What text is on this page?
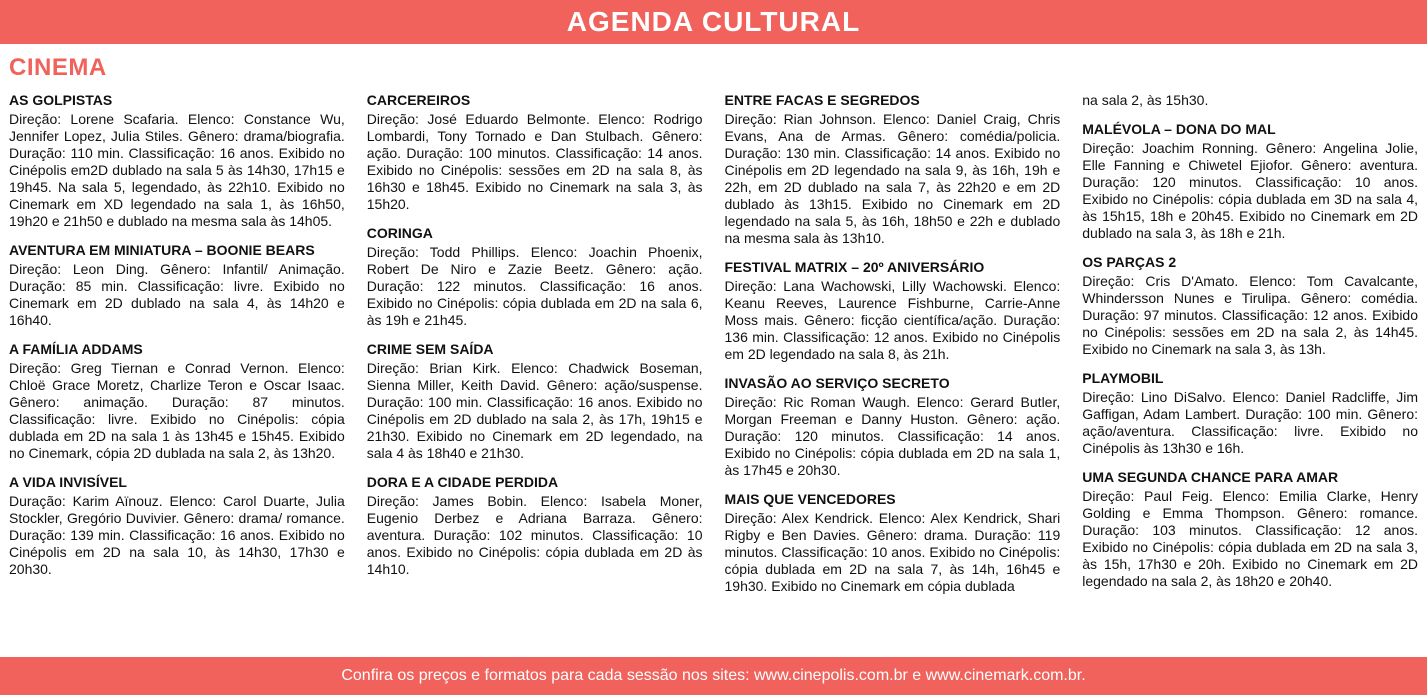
AGENDA CULTURAL
CINEMA
AS GOLPISTAS

Direção: Lorene Scafaria. Elenco: Constance Wu, Jennifer Lopez, Julia Stiles. Gênero: drama/biografia. Duração: 110 min. Classificação: 16 anos. Exibido no Cinépolis em2D dublado na sala 5 às 14h30, 17h15 e 19h45. Na sala 5, legendado, às 22h10. Exibido no Cinemark em XD legendado na sala 1, às 16h50, 19h20 e 21h50 e dublado na mesma sala às 14h05.

AVENTURA EM MINIATURA – BOONIE BEARS

Direção: Leon Ding. Gênero: Infantil/ Animação. Duração: 85 min. Classificação: livre. Exibido no Cinemark em 2D dublado na sala 4, às 14h20 e 16h40.

A FAMÍLIA ADDAMS

Direção: Greg Tiernan e Conrad Vernon. Elenco: Chloë Grace Moretz, Charlize Teron e Oscar Isaac. Gênero: animação. Duração: 87 minutos. Classificação: livre. Exibido no Cinépolis: cópia dublada em 2D na sala 1 às 13h45 e 15h45. Exibido no Cinemark, cópia 2D dublada na sala 2, às 13h20.

A VIDA INVISÍVEL

Duração: Karim Aïnouz. Elenco: Carol Duarte, Julia Stockler, Gregório Duvivier. Gênero: drama/ romance. Duração: 139 min. Classificação: 16 anos. Exibido no Cinépolis em 2D na sala 10, às 14h30, 17h30 e 20h30.

CARCEREIROS

Direção: José Eduardo Belmonte. Elenco: Rodrigo Lombardi, Tony Tornado e Dan Stulbach. Gênero: ação. Duração: 100 minutos. Classificação: 14 anos. Exibido no Cinépolis: sessões em 2D na sala 8, às 16h30 e 18h45. Exibido no Cinemark na sala 3, às 15h20.

CORINGA

Direção: Todd Phillips. Elenco: Joachin Phoenix, Robert De Niro e Zazie Beetz. Gênero: ação. Duração: 122 minutos. Classificação: 16 anos. Exibido no Cinépolis: cópia dublada em 2D na sala 6, às 19h e 21h45.

CRIME SEM SAÍDA

Direção: Brian Kirk. Elenco: Chadwick Boseman, Sienna Miller, Keith David. Gênero: ação/suspense. Duração: 100 min. Classificação: 16 anos. Exibido no Cinépolis em 2D dublado na sala 2, às 17h, 19h15 e 21h30. Exibido no Cinemark em 2D legendado, na sala 4 às 18h40 e 21h30.

DORA E A CIDADE PERDIDA

Direção: James Bobin. Elenco: Isabela Moner, Eugenio Derbez e Adriana Barraza. Gênero: aventura. Duração: 102 minutos. Classificação: 10 anos. Exibido no Cinépolis: cópia dublada em 2D às 14h10.

ENTRE FACAS E SEGREDOS

Direção: Rian Johnson. Elenco: Daniel Craig, Chris Evans, Ana de Armas. Gênero: comédia/policia. Duração: 130 min. Classificação: 14 anos. Exibido no Cinépolis em 2D legendado na sala 9, às 16h, 19h e 22h, em 2D dublado na sala 7, às 22h20 e em 2D dublado às 13h15. Exibido no Cinemark em 2D legendado na sala 5, às 16h, 18h50 e 22h e dublado na mesma sala às 13h10.

FESTIVAL MATRIX – 20º ANIVERSÁRIO

Direção: Lana Wachowski, Lilly Wachowski. Elenco: Keanu Reeves, Laurence Fishburne, Carrie-Anne Moss mais. Gênero: ficção científica/ação. Duração: 136 min. Classificação: 12 anos. Exibido no Cinépolis em 2D legendado na sala 8, às 21h.

INVASÃO AO SERVIÇO SECRETO

Direção: Ric Roman Waugh. Elenco: Gerard Butler, Morgan Freeman e Danny Huston. Gênero: ação. Duração: 120 minutos. Classificação: 14 anos. Exibido no Cinépolis: cópia dublada em 2D na sala 1, às 17h45 e 20h30.

MAIS QUE VENCEDORES

Direção: Alex Kendrick. Elenco: Alex Kendrick, Shari Rigby e Ben Davies. Gênero: drama. Duração: 119 minutos. Classificação: 10 anos. Exibido no Cinépolis: cópia dublada em 2D na sala 7, às 14h, 16h45 e 19h30. Exibido no Cinemark em cópia dublada

na sala 2, às 15h30.

MALÉVOLA – DONA DO MAL

Direção: Joachim Ronning. Gênero: Angelina Jolie, Elle Fanning e Chiwetel Ejiofor. Gênero: aventura. Duração: 120 minutos. Classificação: 10 anos. Exibido no Cinépolis: cópia dublada em 3D na sala 4, às 15h15, 18h e 20h45. Exibido no Cinemark em 2D dublado na sala 3, às 18h e 21h.

OS PARÇAS 2

Direção: Cris D'Amato. Elenco: Tom Cavalcante, Whindersson Nunes e Tirulipa. Gênero: comédia. Duração: 97 minutos. Classificação: 12 anos. Exibido no Cinépolis: sessões em 2D na sala 2, às 14h45. Exibido no Cinemark na sala 3, às 13h.

PLAYMOBIL

Direção: Lino DiSalvo. Elenco: Daniel Radcliffe, Jim Gaffigan, Adam Lambert. Duração: 100 min. Gênero: ação/aventura. Classificação: livre. Exibido no Cinépolis às 13h30 e 16h.

UMA SEGUNDA CHANCE PARA AMAR

Direção: Paul Feig. Elenco: Emilia Clarke, Henry Golding e Emma Thompson. Gênero: romance. Duração: 103 minutos. Classificação: 12 anos. Exibido no Cinépolis: cópia dublada em 2D na sala 3, às 15h, 17h30 e 20h. Exibido no Cinemark em 2D legendado na sala 2, às 18h20 e 20h40.

Confira os preços e formatos para cada sessão nos sites: www.cinepolis.com.br e www.cinemark.com.br.
